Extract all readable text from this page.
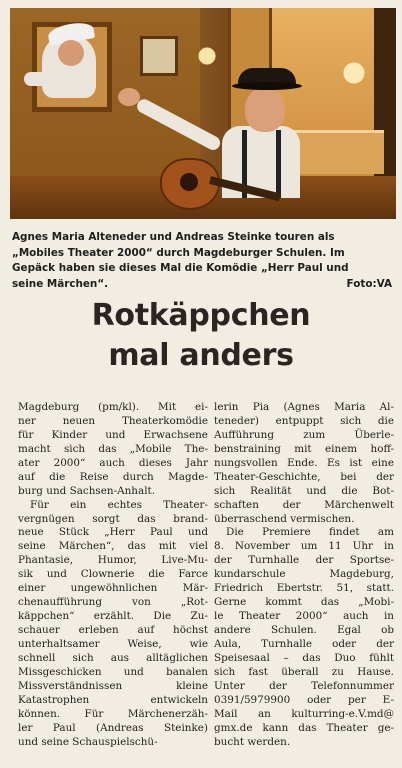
Agnes Maria Alteneder und Andreas Steinke touren als
„Mobiles Theater 2000“ durch Magdeburger Schulen. Im
Gepäck haben sie dieses Mal die Komödie „Herr Paul und
seine Märchen“.	Foto:VA
Rotkäppchen
mal anders
Magdeburg (pm/kl). Mit ei-
ner	neuen	Theaterkomödie
für Kinder und Erwachsene
macht sich das „Mobile The-
ater 2000“ auch dieses Jahr
auf die Reise durch Magde-
burg und Sachsen-Anhalt.
Für ein echtes Theater-
vergnügen sorgt das brand-
neue Stück „Herr Paul und
seine Märchen“, das mit viel
Phantasie, Humor, Live-Mu-
sik und Clownerie die Farce
einer ungewöhnlichen Mär-
chenaufführung	von	„Rot-
käppchen“ erzählt. Die Zu-
schauer erleben auf höchst
unterhaltsamer	Weise,	wie
schnell sich aus alltäglichen
Missgeschicken und banalen
Missverständnissen	kleine
Katastrophen	entwickeln
können. Für Märchenerzäh-
ler Paul (Andreas Steinke)
und seine Schauspielschü-
lerin Pia (Agnes Maria Al-
teneder) entpuppt sich die
Aufführung	zum	Überle-
benstraining mit einem hoff-
nungsvollen Ende. Es ist eine
Theater-Geschichte, bei der
sich Realität und die Bot-
schaften der Märchenwelt
überraschend vermischen.
Die Premiere findet am
8. November um 11 Uhr in
der Turnhalle der Sportse-
kundarschule	Magdeburg,
Friedrich Ebertstr. 51, statt.
Gerne kommt das „Mobi-
le Theater 2000“ auch in
andere Schulen. Egal ob
Aula, Turnhalle oder der
Speisesaal – das Duo fühlt
sich fast überall zu Hause.
Unter der Telefonnummer
0391/5979900 oder per E-
Mail an kulturring-e.V.md@
gmx.de kann das Theater ge-
bucht werden.
